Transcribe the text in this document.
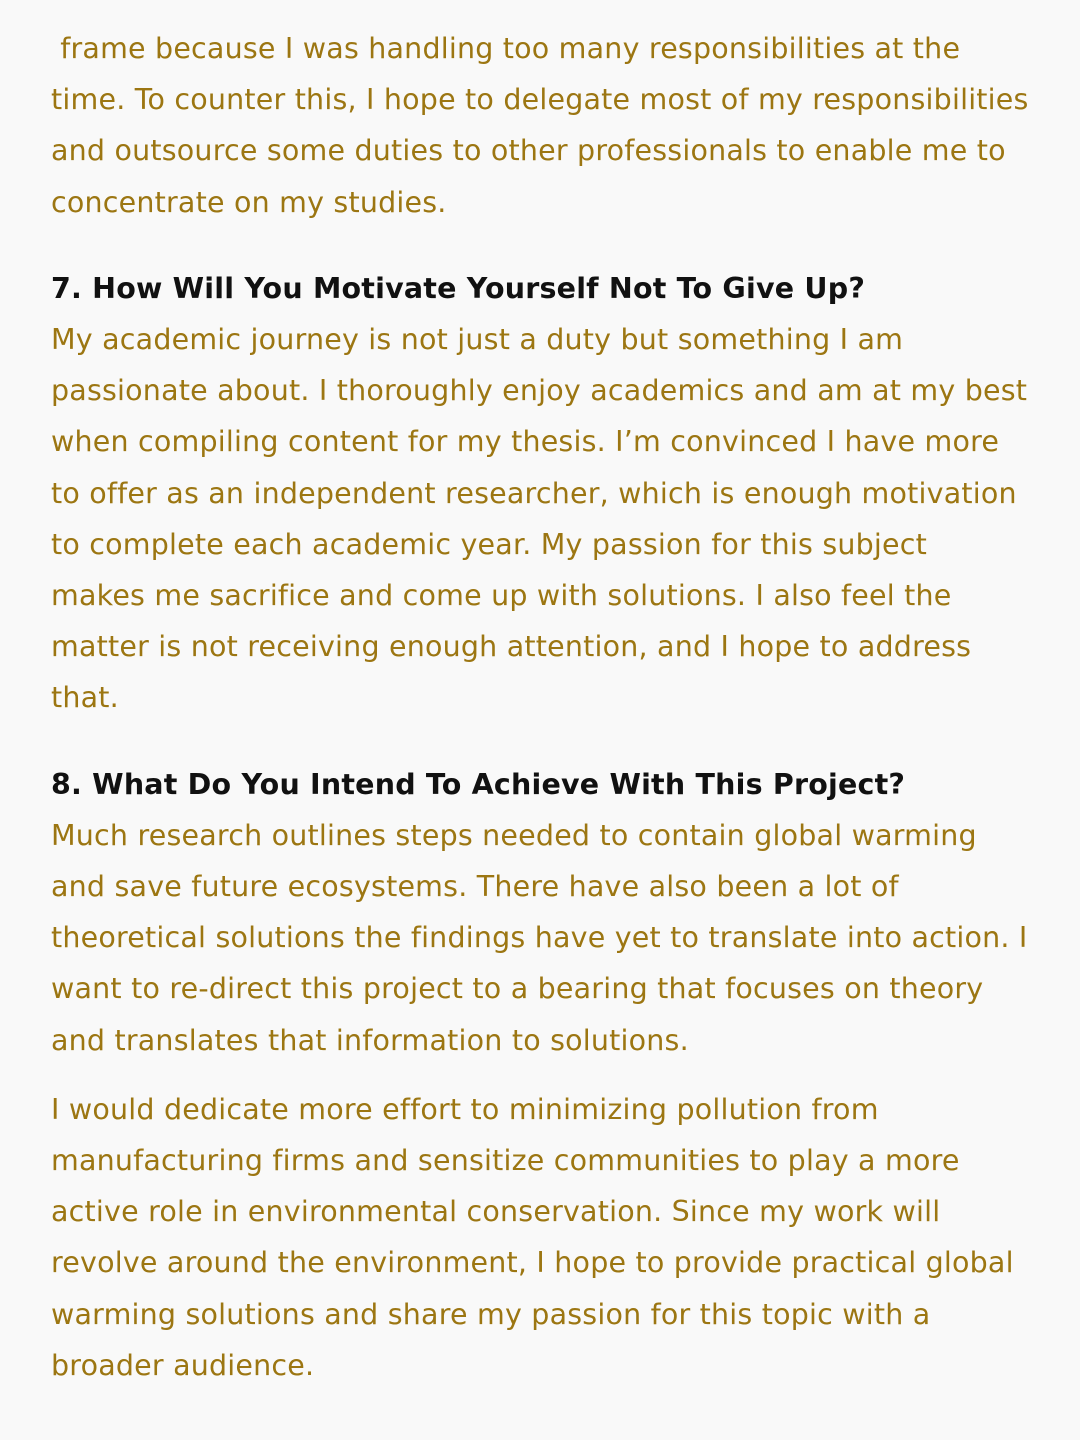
frame because I was handling too many responsibilities at the time. To counter this, I hope to delegate most of my responsibilities and outsource some duties to other professionals to enable me to concentrate on my studies.

7. How Will You Motivate Yourself Not To Give Up?

My academic journey is not just a duty but something I am passionate about. I thoroughly enjoy academics and am at my best when compiling content for my thesis. I’m convinced I have more to offer as an independent researcher, which is enough motivation to complete each academic year. My passion for this subject makes me sacrifice and come up with solutions. I also feel the matter is not receiving enough attention, and I hope to address that.

8. What Do You Intend To Achieve With This Project?

Much research outlines steps needed to contain global warming and save future ecosystems. There have also been a lot of theoretical solutions the findings have yet to translate into action. I want to re-direct this project to a bearing that focuses on theory and translates that information to solutions.

I would dedicate more effort to minimizing pollution from manufacturing firms and sensitize communities to play a more active role in environmental conservation. Since my work will revolve around the environment, I hope to provide practical global warming solutions and share my passion for this topic with a broader audience.
